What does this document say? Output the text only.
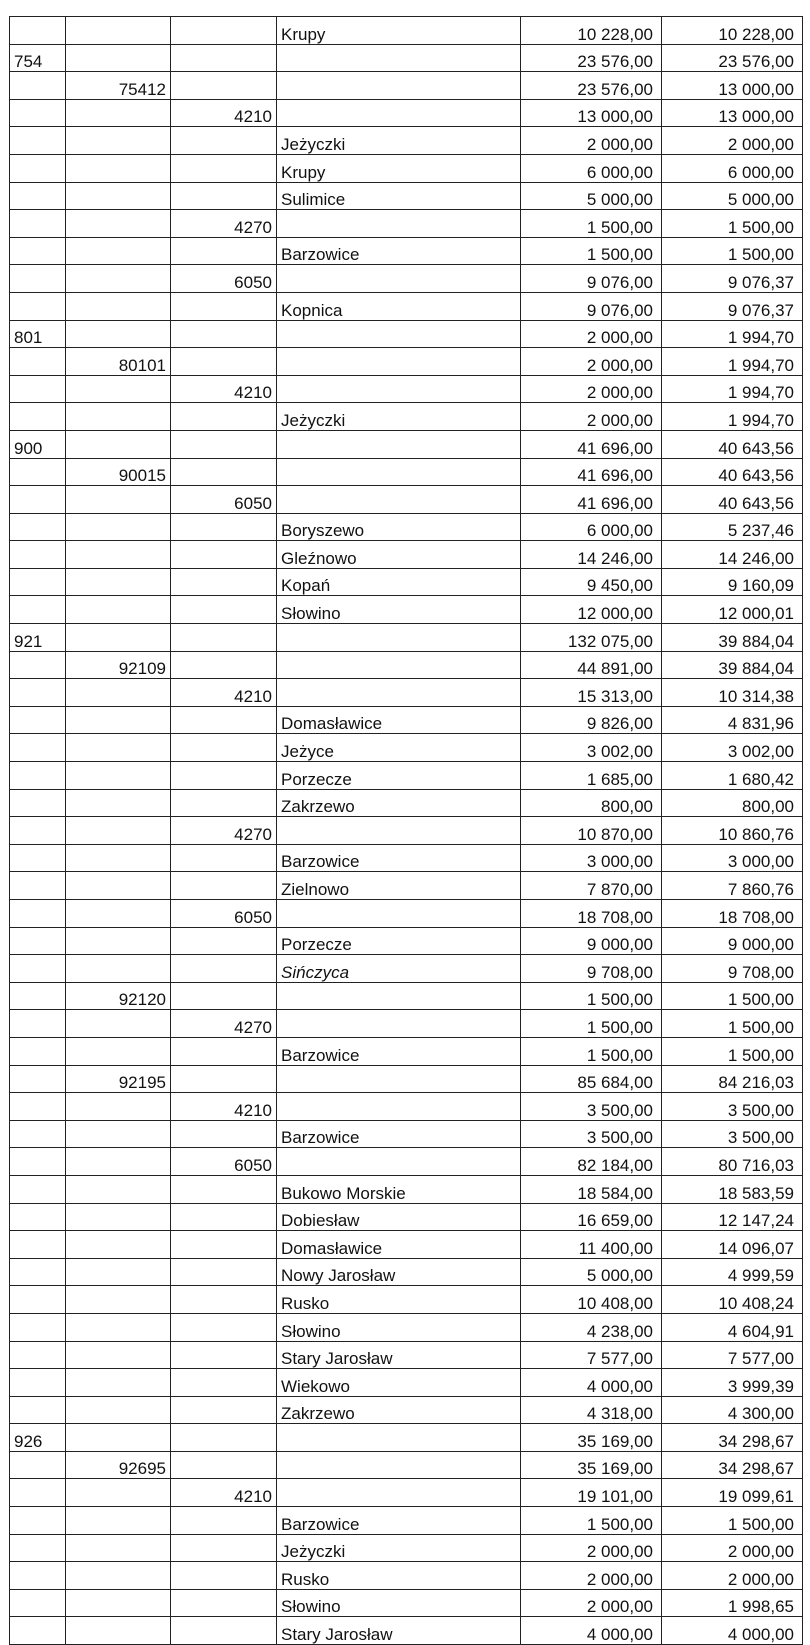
			Krupy	10 228,00	10 228,00
754				23 576,00	23 576,00
	75412			23 576,00	13 000,00
		4210		13 000,00	13 000,00
			Jeżyczki	2 000,00	2 000,00
			Krupy	6 000,00	6 000,00
			Sulimice	5 000,00	5 000,00
		4270		1 500,00	1 500,00
			Barzowice	1 500,00	1 500,00
		6050		9 076,00	9 076,37
			Kopnica	9 076,00	9 076,37
801				2 000,00	1 994,70
	80101			2 000,00	1 994,70
		4210		2 000,00	1 994,70
			Jeżyczki	2 000,00	1 994,70
900				41 696,00	40 643,56
	90015			41 696,00	40 643,56
		6050		41 696,00	40 643,56
			Boryszewo	6 000,00	5 237,46
			Gleźnowo	14 246,00	14 246,00
			Kopań	9 450,00	9 160,09
			Słowino	12 000,00	12 000,01
921				132 075,00	39 884,04
	92109			44 891,00	39 884,04
		4210		15 313,00	10 314,38
			Domasławice	9 826,00	4 831,96
			Jeżyce	3 002,00	3 002,00
			Porzecze	1 685,00	1 680,42
			Zakrzewo	800,00	800,00
		4270		10 870,00	10 860,76
			Barzowice	3 000,00	3 000,00
			Zielnowo	7 870,00	7 860,76
		6050		18 708,00	18 708,00
			Porzecze	9 000,00	9 000,00
			Sińczyca	9 708,00	9 708,00
	92120			1 500,00	1 500,00
		4270		1 500,00	1 500,00
			Barzowice	1 500,00	1 500,00
	92195			85 684,00	84 216,03
		4210		3 500,00	3 500,00
			Barzowice	3 500,00	3 500,00
		6050		82 184,00	80 716,03
			Bukowo Morskie	18 584,00	18 583,59
			Dobiesław	16 659,00	12 147,24
			Domasławice	11 400,00	14 096,07
			Nowy Jarosław	5 000,00	4 999,59
			Rusko	10 408,00	10 408,24
			Słowino	4 238,00	4 604,91
			Stary Jarosław	7 577,00	7 577,00
			Wiekowo	4 000,00	3 999,39
			Zakrzewo	4 318,00	4 300,00
926				35 169,00	34 298,67
	92695			35 169,00	34 298,67
		4210		19 101,00	19 099,61
			Barzowice	1 500,00	1 500,00
			Jeżyczki	2 000,00	2 000,00
			Rusko	2 000,00	2 000,00
			Słowino	2 000,00	1 998,65
			Stary Jarosław	4 000,00	4 000,00
